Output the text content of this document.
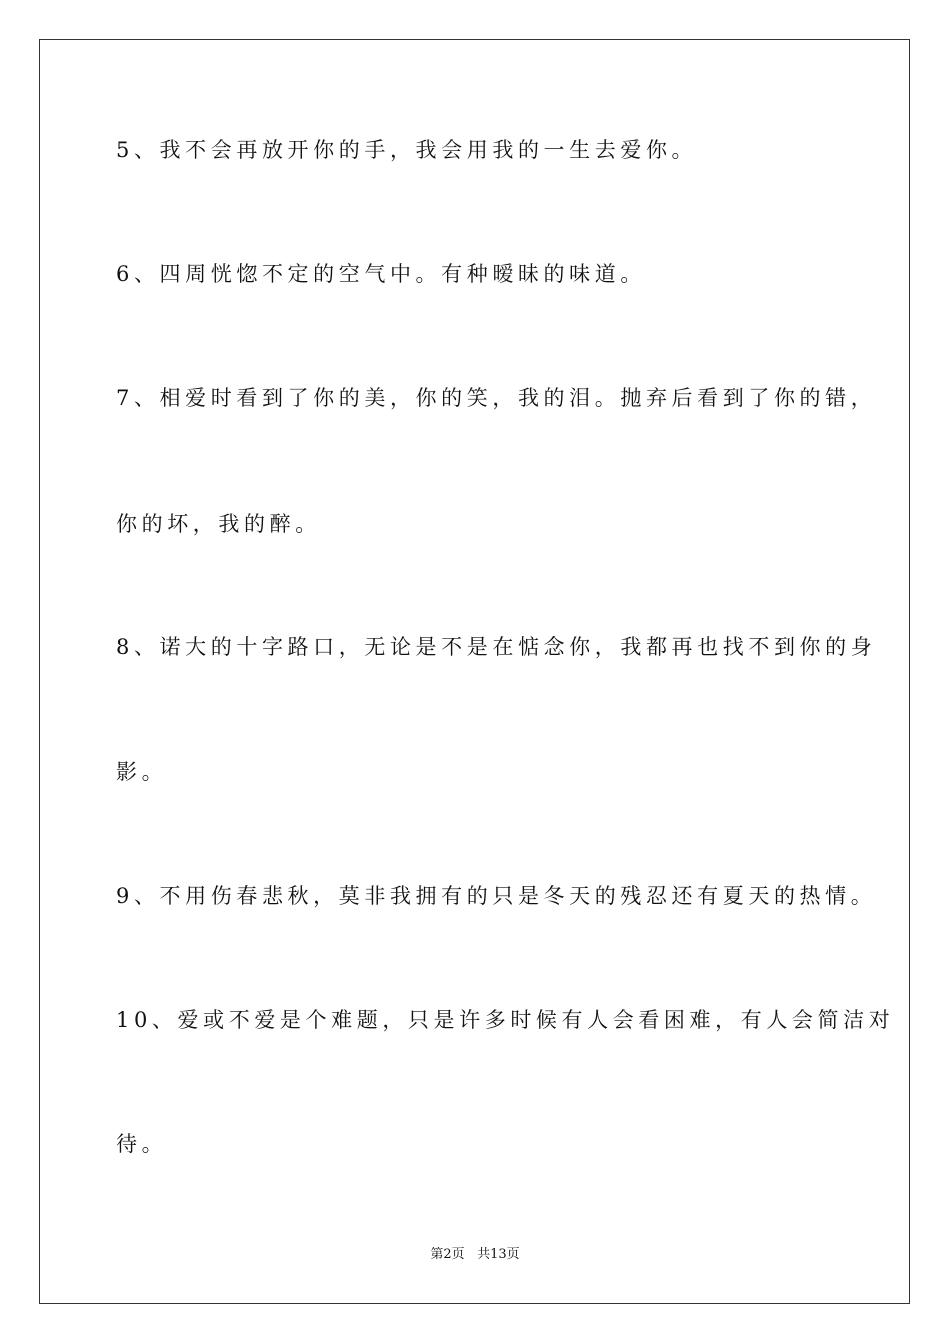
5、我不会再放开你的手，我会用我的一生去爱你。
6、四周恍惚不定的空气中。有种暧昧的味道。
7、相爱时看到了你的美，你的笑，我的泪。抛弃后看到了你的错，
你的坏，我的醉。
8、诺大的十字路口，无论是不是在惦念你，我都再也找不到你的身
影。
9、不用伤春悲秋，莫非我拥有的只是冬天的残忍还有夏天的热情。
10、爱或不爱是个难题，只是许多时候有人会看困难，有人会简洁对
待。
第2页 共13页
